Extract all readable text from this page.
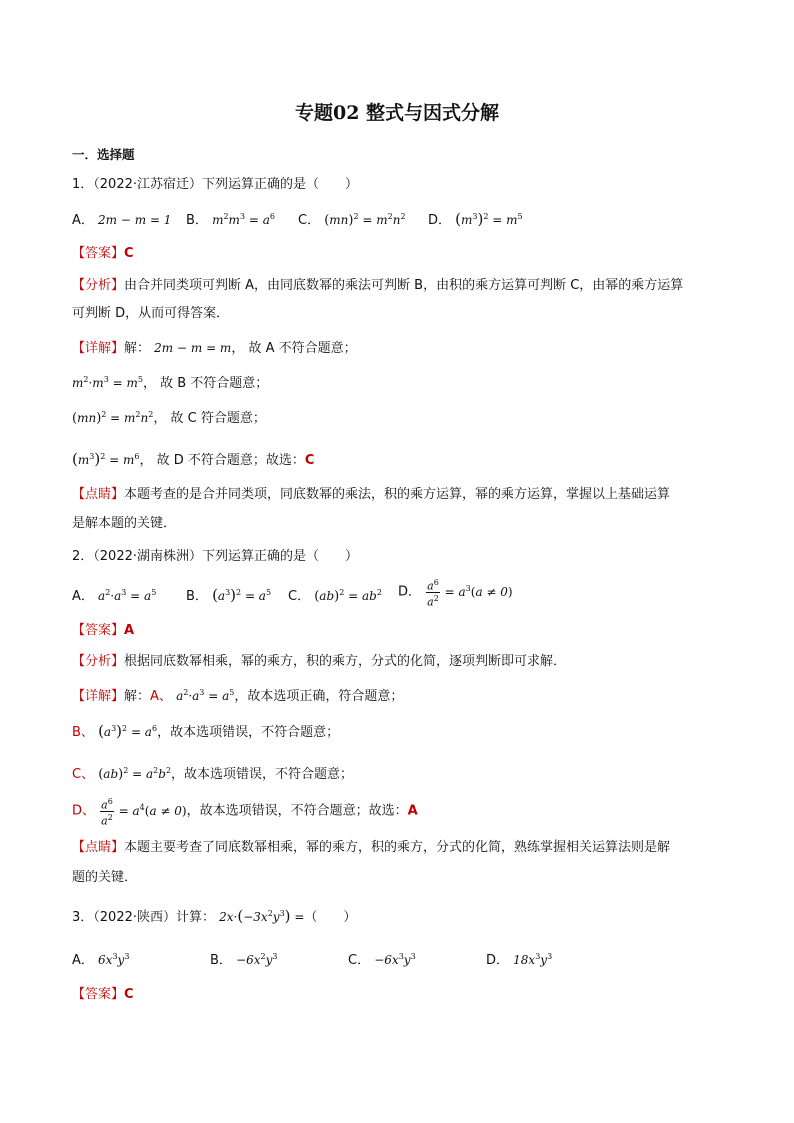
专题02 整式与因式分解
一．选择题
1．（2022·江苏宿迁）下列运算正确的是（　　）
A． 2m − m = 1 B． $m^2m^3 = a^6$ C． $(mn)^2 = m^2n^2$ D． $(m^3)^2 = m^5$
【答案】C
【分析】由合并同类项可判断 A，由同底数幂的乘法可判断 B，由积的乘方运算可判断 C，由幂的乘方运算
可判断 D，从而可得答案．
【详解】解： 2m − m = m， 故 A 不符合题意；
$m^2\cdot m^3 = m^5$， 故 B 不符合题意；
$(mn)^2 = m^2n^2$， 故 C 符合题意；
$(m^3)^2 = m^6$， 故 D 不符合题意；故选：C
【点睛】本题考查的是合并同类项，同底数幂的乘法，积的乘方运算，幂的乘方运算，掌握以上基础运算
是解本题的关键．
2．（2022·湖南株洲）下列运算正确的是（　　）
A． $a^2\cdot a^3 = a^5$ B． $(a^3)^2 = a^5$ C． $(ab)^2 = ab^2$ D． $\frac{a^6}{a^2} = a^3(a \ne 0)$
【答案】A
【分析】根据同底数幂相乘，幂的乘方，积的乘方，分式的化简，逐项判断即可求解．
【详解】解：A、 $a^2\cdot a^3 = a^5$，故本选项正确，符合题意；
B、 $(a^3)^2 = a^6$，故本选项错误，不符合题意；
C、 $(ab)^2 = a^2b^2$，故本选项错误，不符合题意；
D、 $\frac{a^6}{a^2} = a^4(a \ne 0)$，故本选项错误，不符合题意；故选：A
【点睛】本题主要考查了同底数幂相乘，幂的乘方，积的乘方，分式的化简，熟练掌握相关运算法则是解
题的关键．
3．（2022·陕西）计算： $2x\cdot(-3x^2y^3)$ =（　　）
A． $6x^3y^3$	B． $-6x^2y^3$	C． $-6x^3y^3$	D． $18x^3y^3$
【答案】C
